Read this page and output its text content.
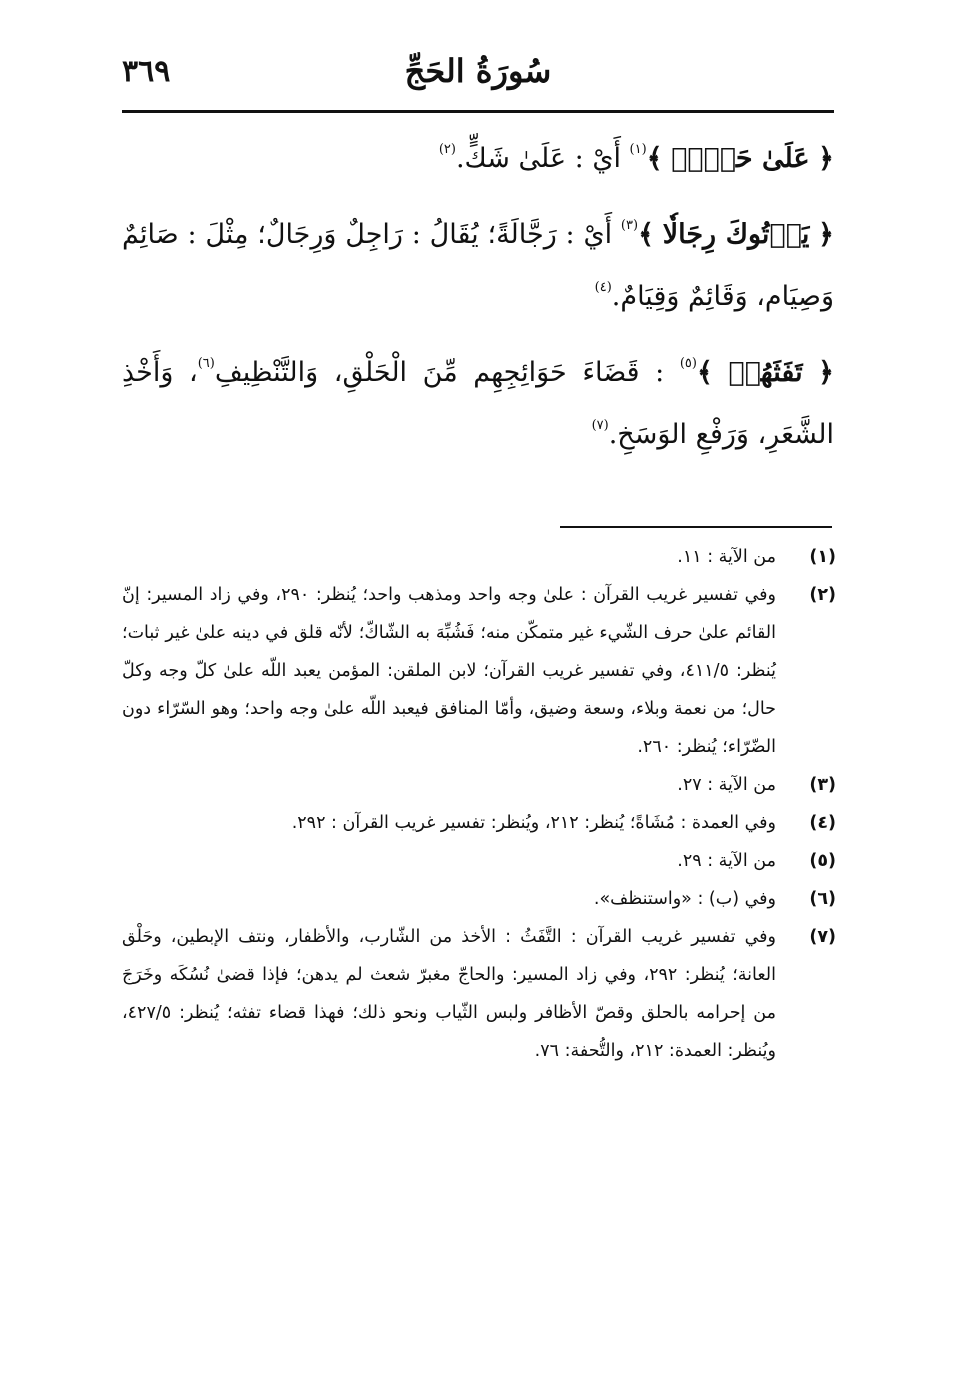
سُورَةُ الحَجِّ
٣٦٩

﴿ عَلَىٰ حَرۡفٖ ﴾$^{(١)}$ أَيْ : عَلَىٰ شَكٍّ.$^{(٢)}$

﴿ يَأۡتُوكَ رِجَالٗا ﴾$^{(٣)}$ أَيْ : رَجَّالَةً؛ يُقَالُ : رَاجِلٌ وَرِجَالٌ؛ مِثْلَ : صَائِمٌ وَصِيَام، وَقَائِمٌ وَقِيَامٌ.$^{(٤)}$

﴿ تَفَثَهُمۡ ﴾$^{(٥)}$ : قَضَاءَ حَوَائِجِهِم مِّنَ الْحَلْقِ، وَالتَّنْظِيفِ$^{(٦)}$، وَأَخْذِ الشَّعَرِ، وَرَفْعِ الوَسَخِ.$^{(٧)}$

(١)
من الآية : ١١.
(٢)
وفي تفسير غريب القرآن : علىٰ وجه واحد ومذهب واحد؛ يُنظر: ٢٩٠، وفي زاد المسير: إنّ القائم علىٰ حرف الشّيء غير متمكّن منه؛ فَشُبِّهَ به الشّاكّ؛ لأنّه قلق في دينه علىٰ غير ثبات؛ يُنظر: ٤١١/٥، وفي تفسير غريب القرآن؛ لابن الملقن: المؤمن يعبد اللّه علىٰ كلّ وجه وكلّ حال؛ من نعمة وبلاء، وسعة وضيق، وأمّا المنافق فيعبد اللّه علىٰ وجه واحد؛ وهو السّرّاء دون الضّرّاء؛ يُنظر: ٢٦٠.
(٣)
من الآية : ٢٧.
(٤)
وفي العمدة : مُشَاةً؛ يُنظر: ٢١٢، ويُنظر: تفسير غريب القرآن : ٢٩٢.
(٥)
من الآية : ٢٩.
(٦)
وفي (ب) : «واستنظف».
(٧)
وفي تفسير غريب القرآن : التَّفَثُ : الأخذ من الشّارب، والأظفار، ونتف الإبطين، وحَلْق العانة؛ يُنظر: ٢٩٢، وفي زاد المسير: والحاجّ مغبرّ شعث لم يدهن؛ فإذا قضىٰ نُسُكَه وخَرَجَ من إحرامه بالحلق وقصّ الأظافر ولبس الثّياب ونحو ذلك؛ فهذا قضاء تفثه؛ يُنظر: ٤٢٧/٥، ويُنظر: العمدة: ٢١٢، والتُّحفة: ٧٦.
